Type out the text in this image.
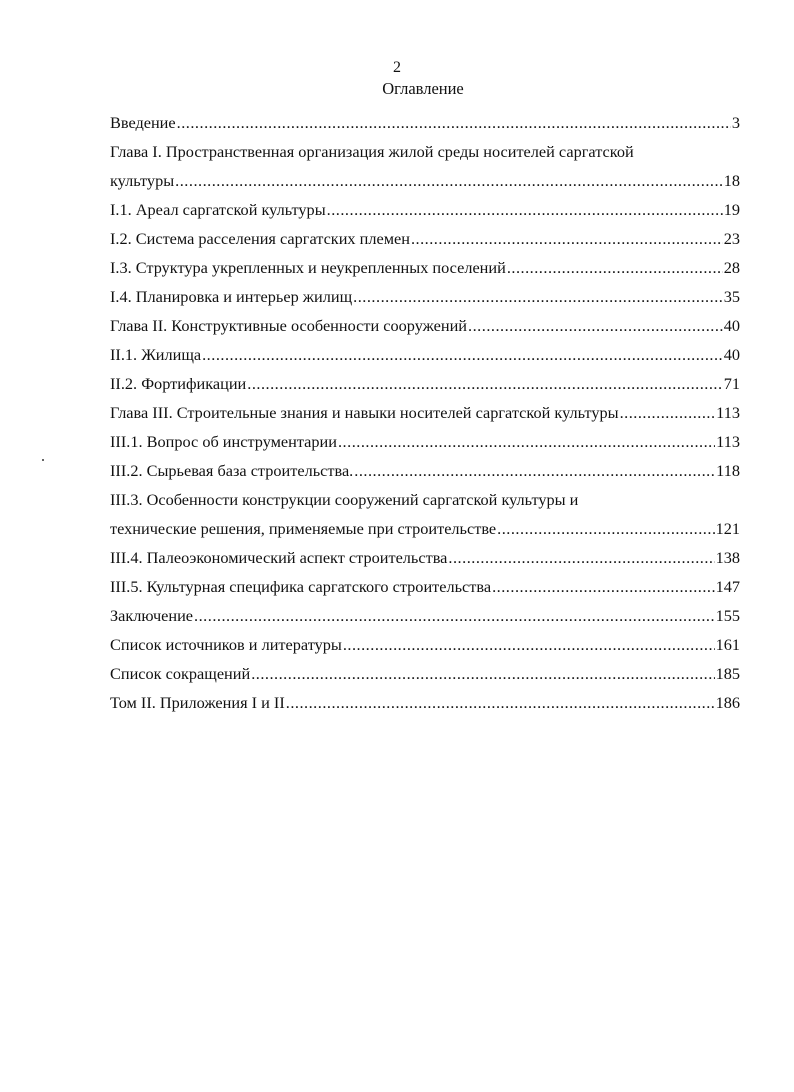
2
Оглавление
Введение .....	3
Глава I. Пространственная организация жилой среды носителей саргатской
культуры .....	18
I.1. Ареал саргатской культуры .....	19
I.2. Система расселения саргатских племен .....	23
I.3. Структура укрепленных и неукрепленных поселений .....	28
I.4. Планировка и интерьер жилищ .....	35
Глава II. Конструктивные особенности сооружений .....	40
II.1. Жилища .....	40
II.2. Фортификации .....	71
Глава III. Строительные знания и навыки носителей саргатской культуры .....	113
III.1. Вопрос об инструментарии .....	113
III.2. Сырьевая база строительства. .....	118
III.3. Особенности конструкции сооружений саргатской культуры и
технические решения, применяемые при строительстве .....	121
III.4. Палеоэкономический аспект строительства .....	138
III.5. Культурная специфика саргатского строительства .....	147
Заключение .....	155
Список источников и литературы .....	161
Список сокращений .....	185
Том II. Приложения I и II .....	186
